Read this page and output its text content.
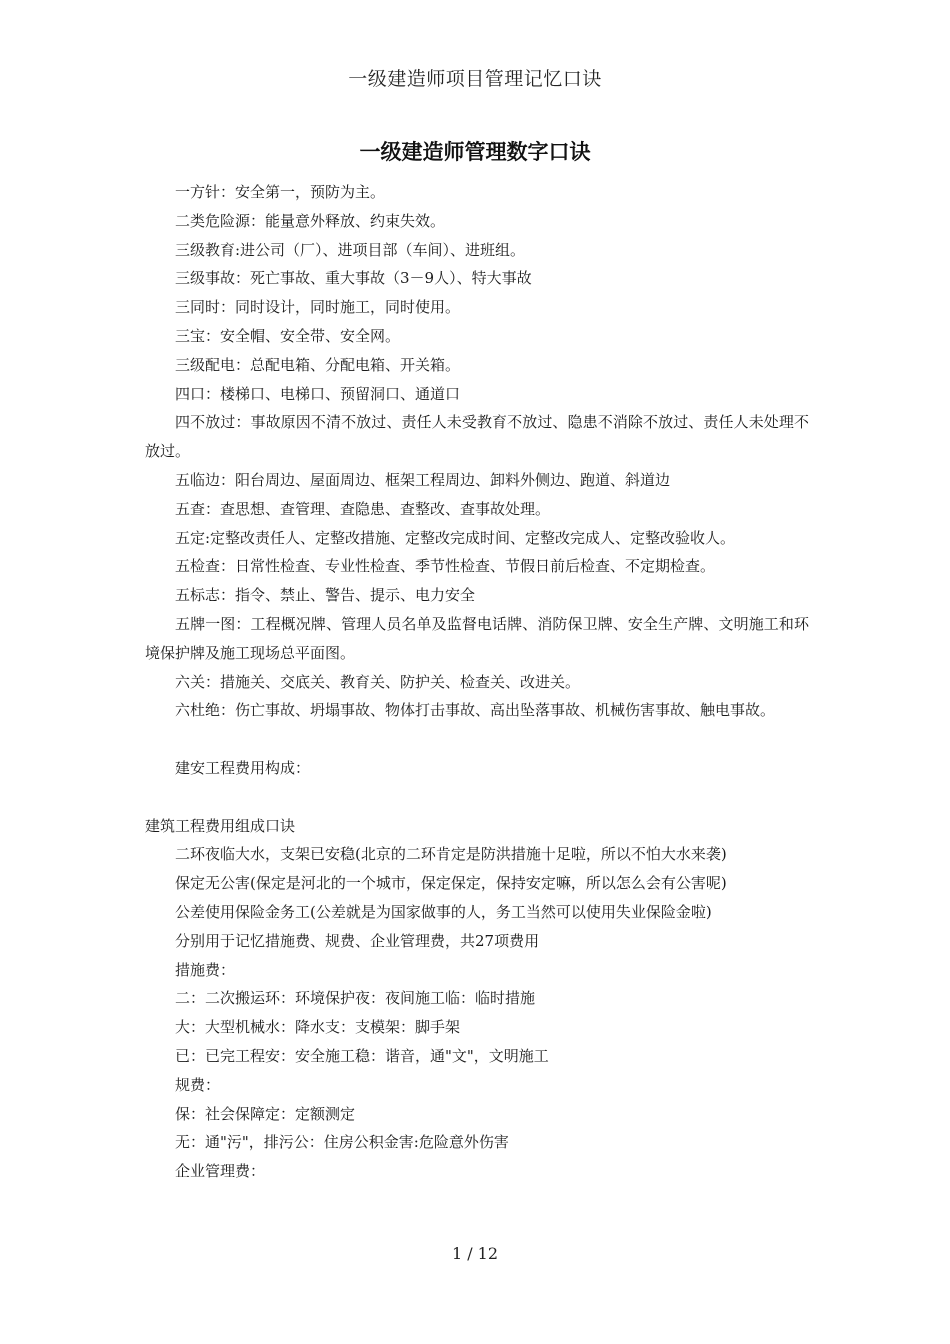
一级建造师项目管理记忆口诀
一级建造师管理数字口诀
一方针：安全第一，预防为主。
二类危险源：能量意外释放、约束失效。
三级教育:进公司（厂）、进项目部（车间）、进班组。
三级事故：死亡事故、重大事故（3－9人）、特大事故
三同时：同时设计，同时施工，同时使用。
三宝：安全帽、安全带、安全网。
三级配电：总配电箱、分配电箱、开关箱。
四口：楼梯口、电梯口、预留洞口、通道口
四不放过：事故原因不清不放过、责任人未受教育不放过、隐患不消除不放过、责任人未处理不放过。
五临边：阳台周边、屋面周边、框架工程周边、卸料外侧边、跑道、斜道边
五查：查思想、查管理、查隐患、查整改、查事故处理。
五定:定整改责任人、定整改措施、定整改完成时间、定整改完成人、定整改验收人。
五检查：日常性检查、专业性检查、季节性检查、节假日前后检查、不定期检查。
五标志：指令、禁止、警告、提示、电力安全
五牌一图：工程概况牌、管理人员名单及监督电话牌、消防保卫牌、安全生产牌、文明施工和环境保护牌及施工现场总平面图。
六关：措施关、交底关、教育关、防护关、检查关、改进关。
六杜绝：伤亡事故、坍塌事故、物体打击事故、高出坠落事故、机械伤害事故、触电事故。
建安工程费用构成：
建筑工程费用组成口诀
二环夜临大水，支架已安稳(北京的二环肯定是防洪措施十足啦，所以不怕大水来袭)
保定无公害(保定是河北的一个城市，保定保定，保持安定嘛，所以怎么会有公害呢)
公差使用保险金务工(公差就是为国家做事的人，务工当然可以使用失业保险金啦)
分别用于记忆措施费、规费、企业管理费，共27项费用
措施费：
二：二次搬运环：环境保护夜：夜间施工临：临时措施
大：大型机械水：降水支：支模架：脚手架
已：已完工程安：安全施工稳：谐音，通"文"，文明施工
规费：
保：社会保障定：定额测定
无：通"污"，排污公：住房公积金害:危险意外伤害
企业管理费：
1 / 12
